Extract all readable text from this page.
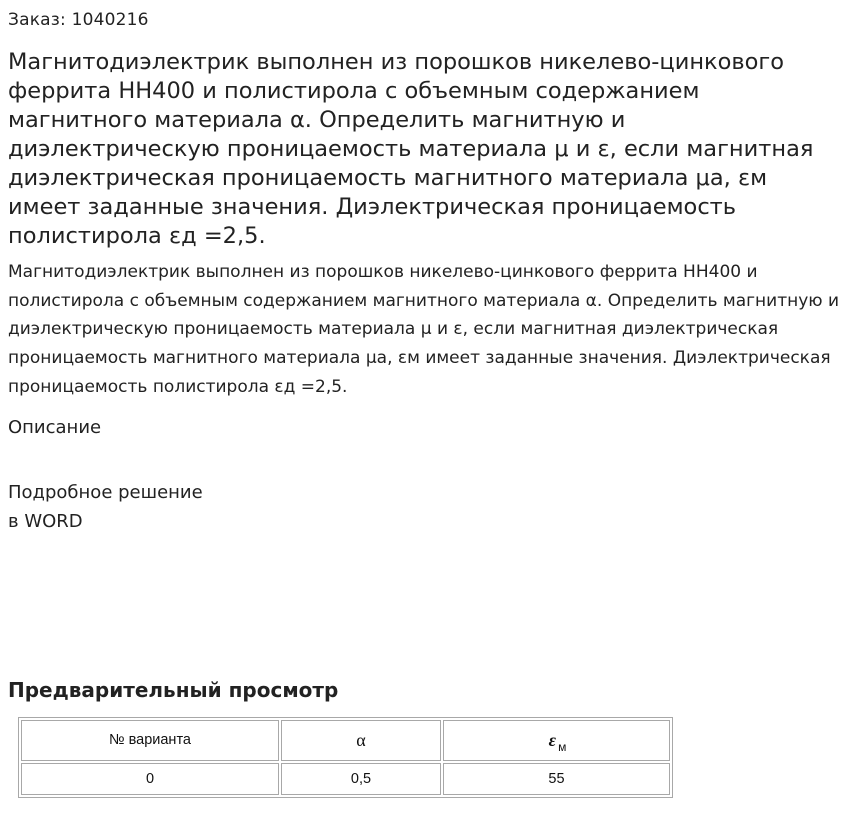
Заказ: 1040216
Магнитодиэлектрик выполнен из порошков никелево-цинкового феррита НН400 и полистирола с объемным содержанием магнитного материала α. Определить магнитную и диэлектрическую проницаемость материала μ и ε, если магнитная диэлектрическая проницаемость магнитного материала μа, εм имеет заданные значения. Диэлектрическая проницаемость полистирола εд =2,5.

Магнитодиэлектрик выполнен из порошков никелево-цинкового феррита НН400 и полистирола с объемным содержанием магнитного материала α. Определить магнитную и диэлектрическую проницаемость материала μ и ε, если магнитная диэлектрическая проницаемость магнитного материала μа, εм имеет заданные значения. Диэлектрическая проницаемость полистирола εд =2,5.

Описание
Подробное решение
в WORD
Предварительный просмотр
№ варианта	α	ε $_м$
0	0,5	55
